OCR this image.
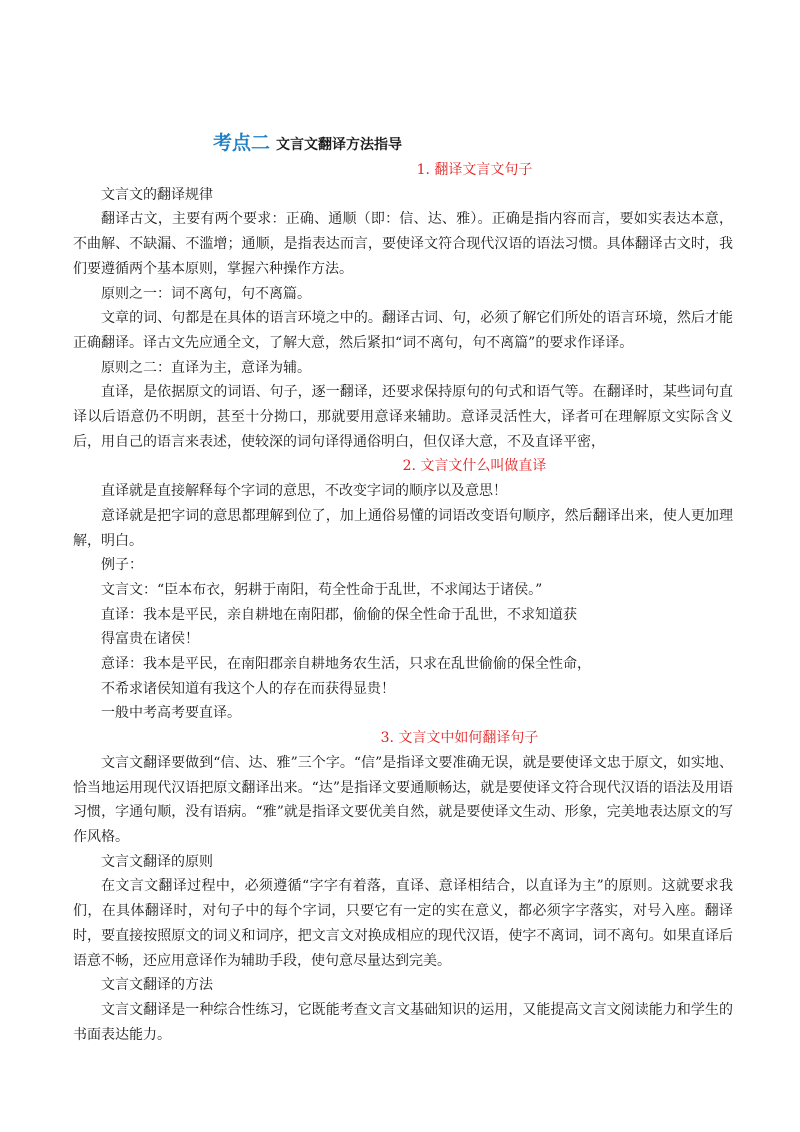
考点二 文言文翻译方法指导

1. 翻译文言文句子

文言文的翻译规律

翻译古文，主要有两个要求：正确、通顺（即：信、达、雅）。正确是指内容而言，要如实表达本意，不曲解、不缺漏、不滥增；通顺，是指表达而言，要使译文符合现代汉语的语法习惯。具体翻译古文时，我们要遵循两个基本原则，掌握六种操作方法。

原则之一：词不离句，句不离篇。

文章的词、句都是在具体的语言环境之中的。翻译古词、句，必须了解它们所处的语言环境，然后才能正确翻译。译古文先应通全文，了解大意，然后紧扣“词不离句，句不离篇”的要求作译译。

原则之二：直译为主，意译为辅。

直译，是依据原文的词语、句子，逐一翻译，还要求保持原句的句式和语气等。在翻译时，某些词句直译以后语意仍不明朗，甚至十分拗口，那就要用意译来辅助。意译灵活性大，译者可在理解原文实际含义后，用自己的语言来表述，使较深的词句译得通俗明白，但仅译大意，不及直译平密，

2. 文言文什么叫做直译

直译就是直接解释每个字词的意思，不改变字词的顺序以及意思！

意译就是把字词的意思都理解到位了，加上通俗易懂的词语改变语句顺序，然后翻译出来，使人更加理解，明白。

例子：

文言文：“臣本布衣，躬耕于南阳，苟全性命于乱世，不求闻达于诸侯。”

直译：我本是平民，亲自耕地在南阳郡，偷偷的保全性命于乱世，不求知道获

得富贵在诸侯！

意译：我本是平民，在南阳郡亲自耕地务农生活，只求在乱世偷偷的保全性命，

不希求诸侯知道有我这个人的存在而获得显贵！

一般中考高考要直译。

3. 文言文中如何翻译句子

文言文翻译要做到“信、达、雅”三个字。“信”是指译文要准确无误，就是要使译文忠于原文，如实地、恰当地运用现代汉语把原文翻译出来。“达”是指译文要通顺畅达，就是要使译文符合现代汉语的语法及用语习惯，字通句顺，没有语病。“雅”就是指译文要优美自然，就是要使译文生动、形象，完美地表达原文的写作风格。

文言文翻译的原则

在文言文翻译过程中，必须遵循“字字有着落，直译、意译相结合，以直译为主”的原则。这就要求我们，在具体翻译时，对句子中的每个字词，只要它有一定的实在意义，都必须字字落实，对号入座。翻译时，要直接按照原文的词义和词序，把文言文对换成相应的现代汉语，使字不离词，词不离句。如果直译后语意不畅，还应用意译作为辅助手段，使句意尽量达到完美。

文言文翻译的方法

文言文翻译是一种综合性练习，它既能考查文言文基础知识的运用，又能提高文言文阅读能力和学生的书面表达能力。
